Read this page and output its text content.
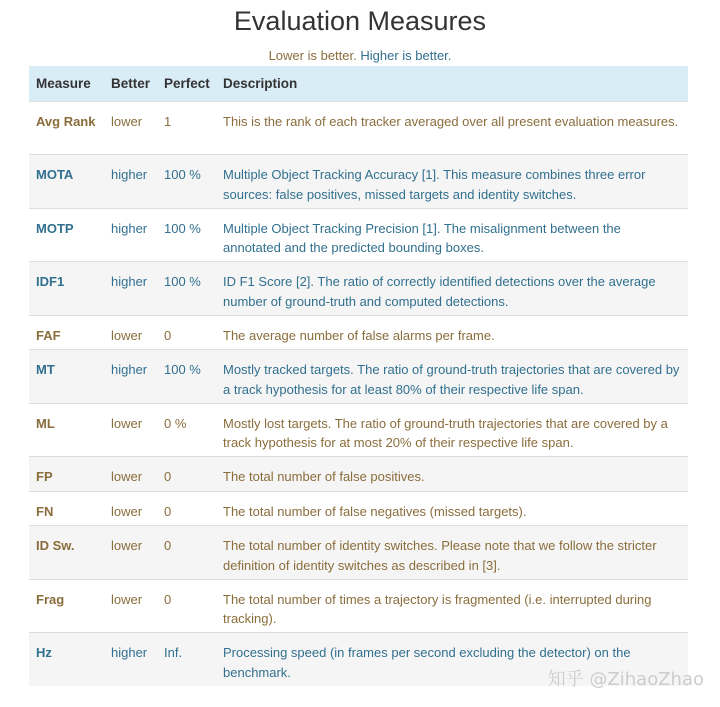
Evaluation Measures
Lower is better. Higher is better.
Measure	Better	Perfect	Description
Avg Rank	lower	1	This is the rank of each tracker averaged over all present evaluation measures.
MOTA	higher	100 %	Multiple Object Tracking Accuracy [1]. This measure combines three error sources: false positives, missed targets and identity switches.
MOTP	higher	100 %	Multiple Object Tracking Precision [1]. The misalignment between the annotated and the predicted bounding boxes.
IDF1	higher	100 %	ID F1 Score [2]. The ratio of correctly identified detections over the average number of ground-truth and computed detections.
FAF	lower	0	The average number of false alarms per frame.
MT	higher	100 %	Mostly tracked targets. The ratio of ground-truth trajectories that are covered by a track hypothesis for at least 80% of their respective life span.
ML	lower	0 %	Mostly lost targets. The ratio of ground-truth trajectories that are covered by a track hypothesis for at most 20% of their respective life span.
FP	lower	0	The total number of false positives.
FN	lower	0	The total number of false negatives (missed targets).
ID Sw.	lower	0	The total number of identity switches. Please note that we follow the stricter definition of identity switches as described in [3].
Frag	lower	0	The total number of times a trajectory is fragmented (i.e. interrupted during tracking).
Hz	higher	Inf.	Processing speed (in frames per second excluding the detector) on the benchmark.	知乎 @ZihaoZhao
